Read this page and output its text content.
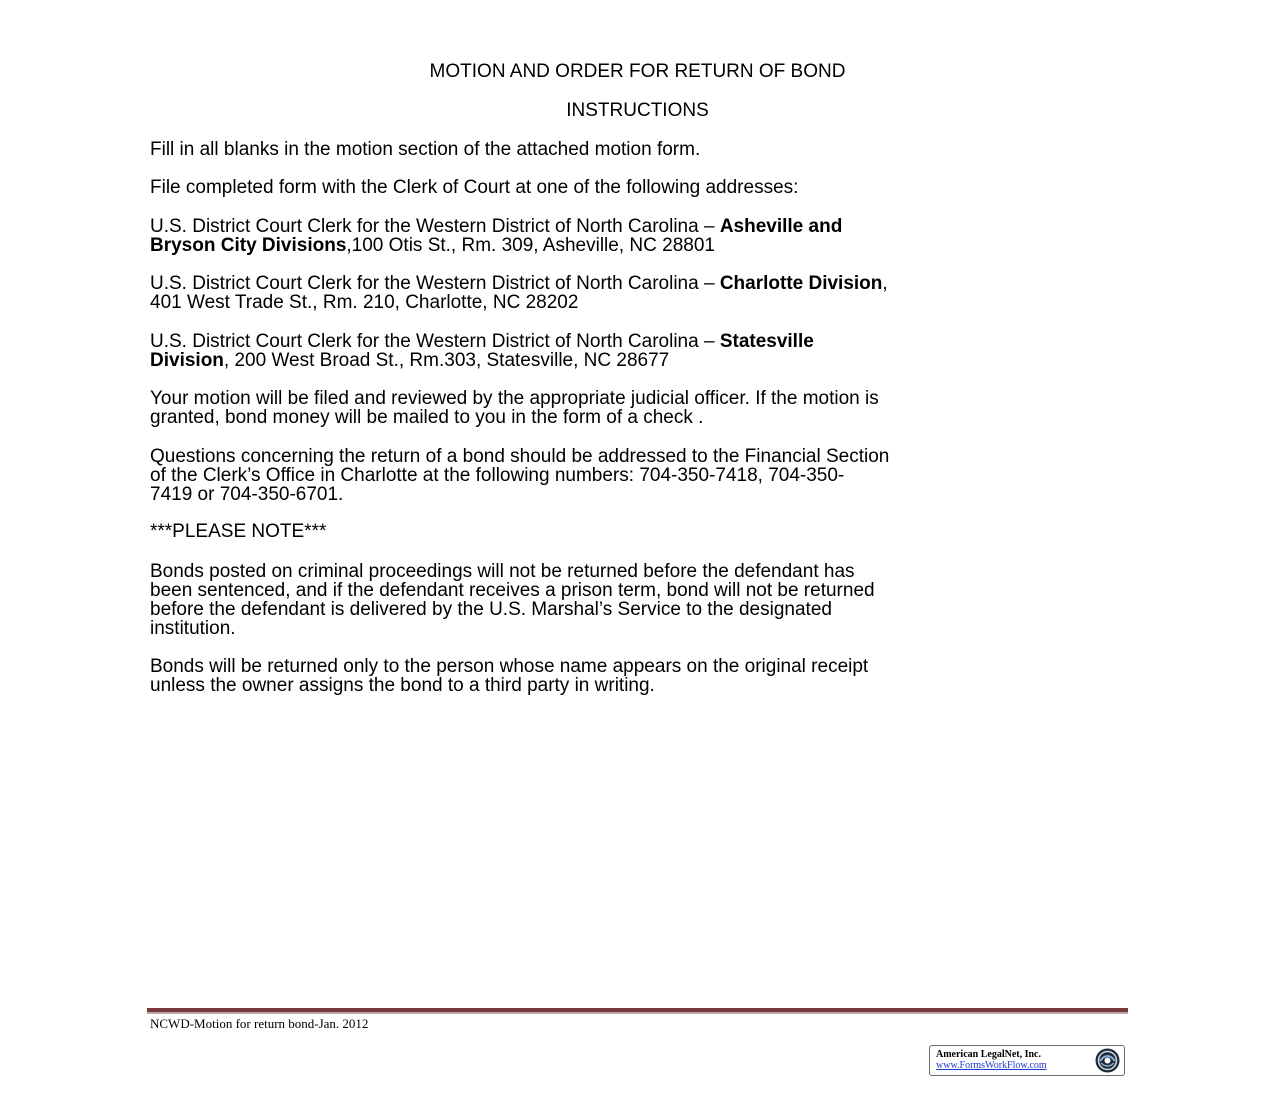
MOTION AND ORDER FOR RETURN OF BOND
INSTRUCTIONS
Fill in all blanks in the motion section of the attached motion form.
File completed form with the Clerk of Court at one of the following addresses:
U.S. District Court Clerk for the Western District of North Carolina – Asheville and
Bryson City Divisions,100 Otis St., Rm. 309, Asheville, NC 28801
U.S. District Court Clerk for the Western District of North Carolina – Charlotte Division,
401 West Trade St., Rm. 210, Charlotte, NC 28202
U.S. District Court Clerk for the Western District of North Carolina – Statesville
Division, 200 West Broad St., Rm.303, Statesville, NC 28677
Your motion will be filed and reviewed by the appropriate judicial officer. If the motion is
granted, bond money will be mailed to you in the form of a check .
Questions concerning the return of a bond should be addressed to the Financial Section
of the Clerk’s Office in Charlotte at the following numbers: 704-350-7418, 704-350-
7419 or 704-350-6701.
***PLEASE NOTE***
Bonds posted on criminal proceedings will not be returned before the defendant has
been sentenced, and if the defendant receives a prison term, bond will not be returned
before the defendant is delivered by the U.S. Marshal’s Service to the designated
institution.
Bonds will be returned only to the person whose name appears on the original receipt
unless the owner assigns the bond to a third party in writing.
NCWD-Motion for return bond-Jan. 2012
American LegalNet, Inc.
www.FormsWorkFlow.com
